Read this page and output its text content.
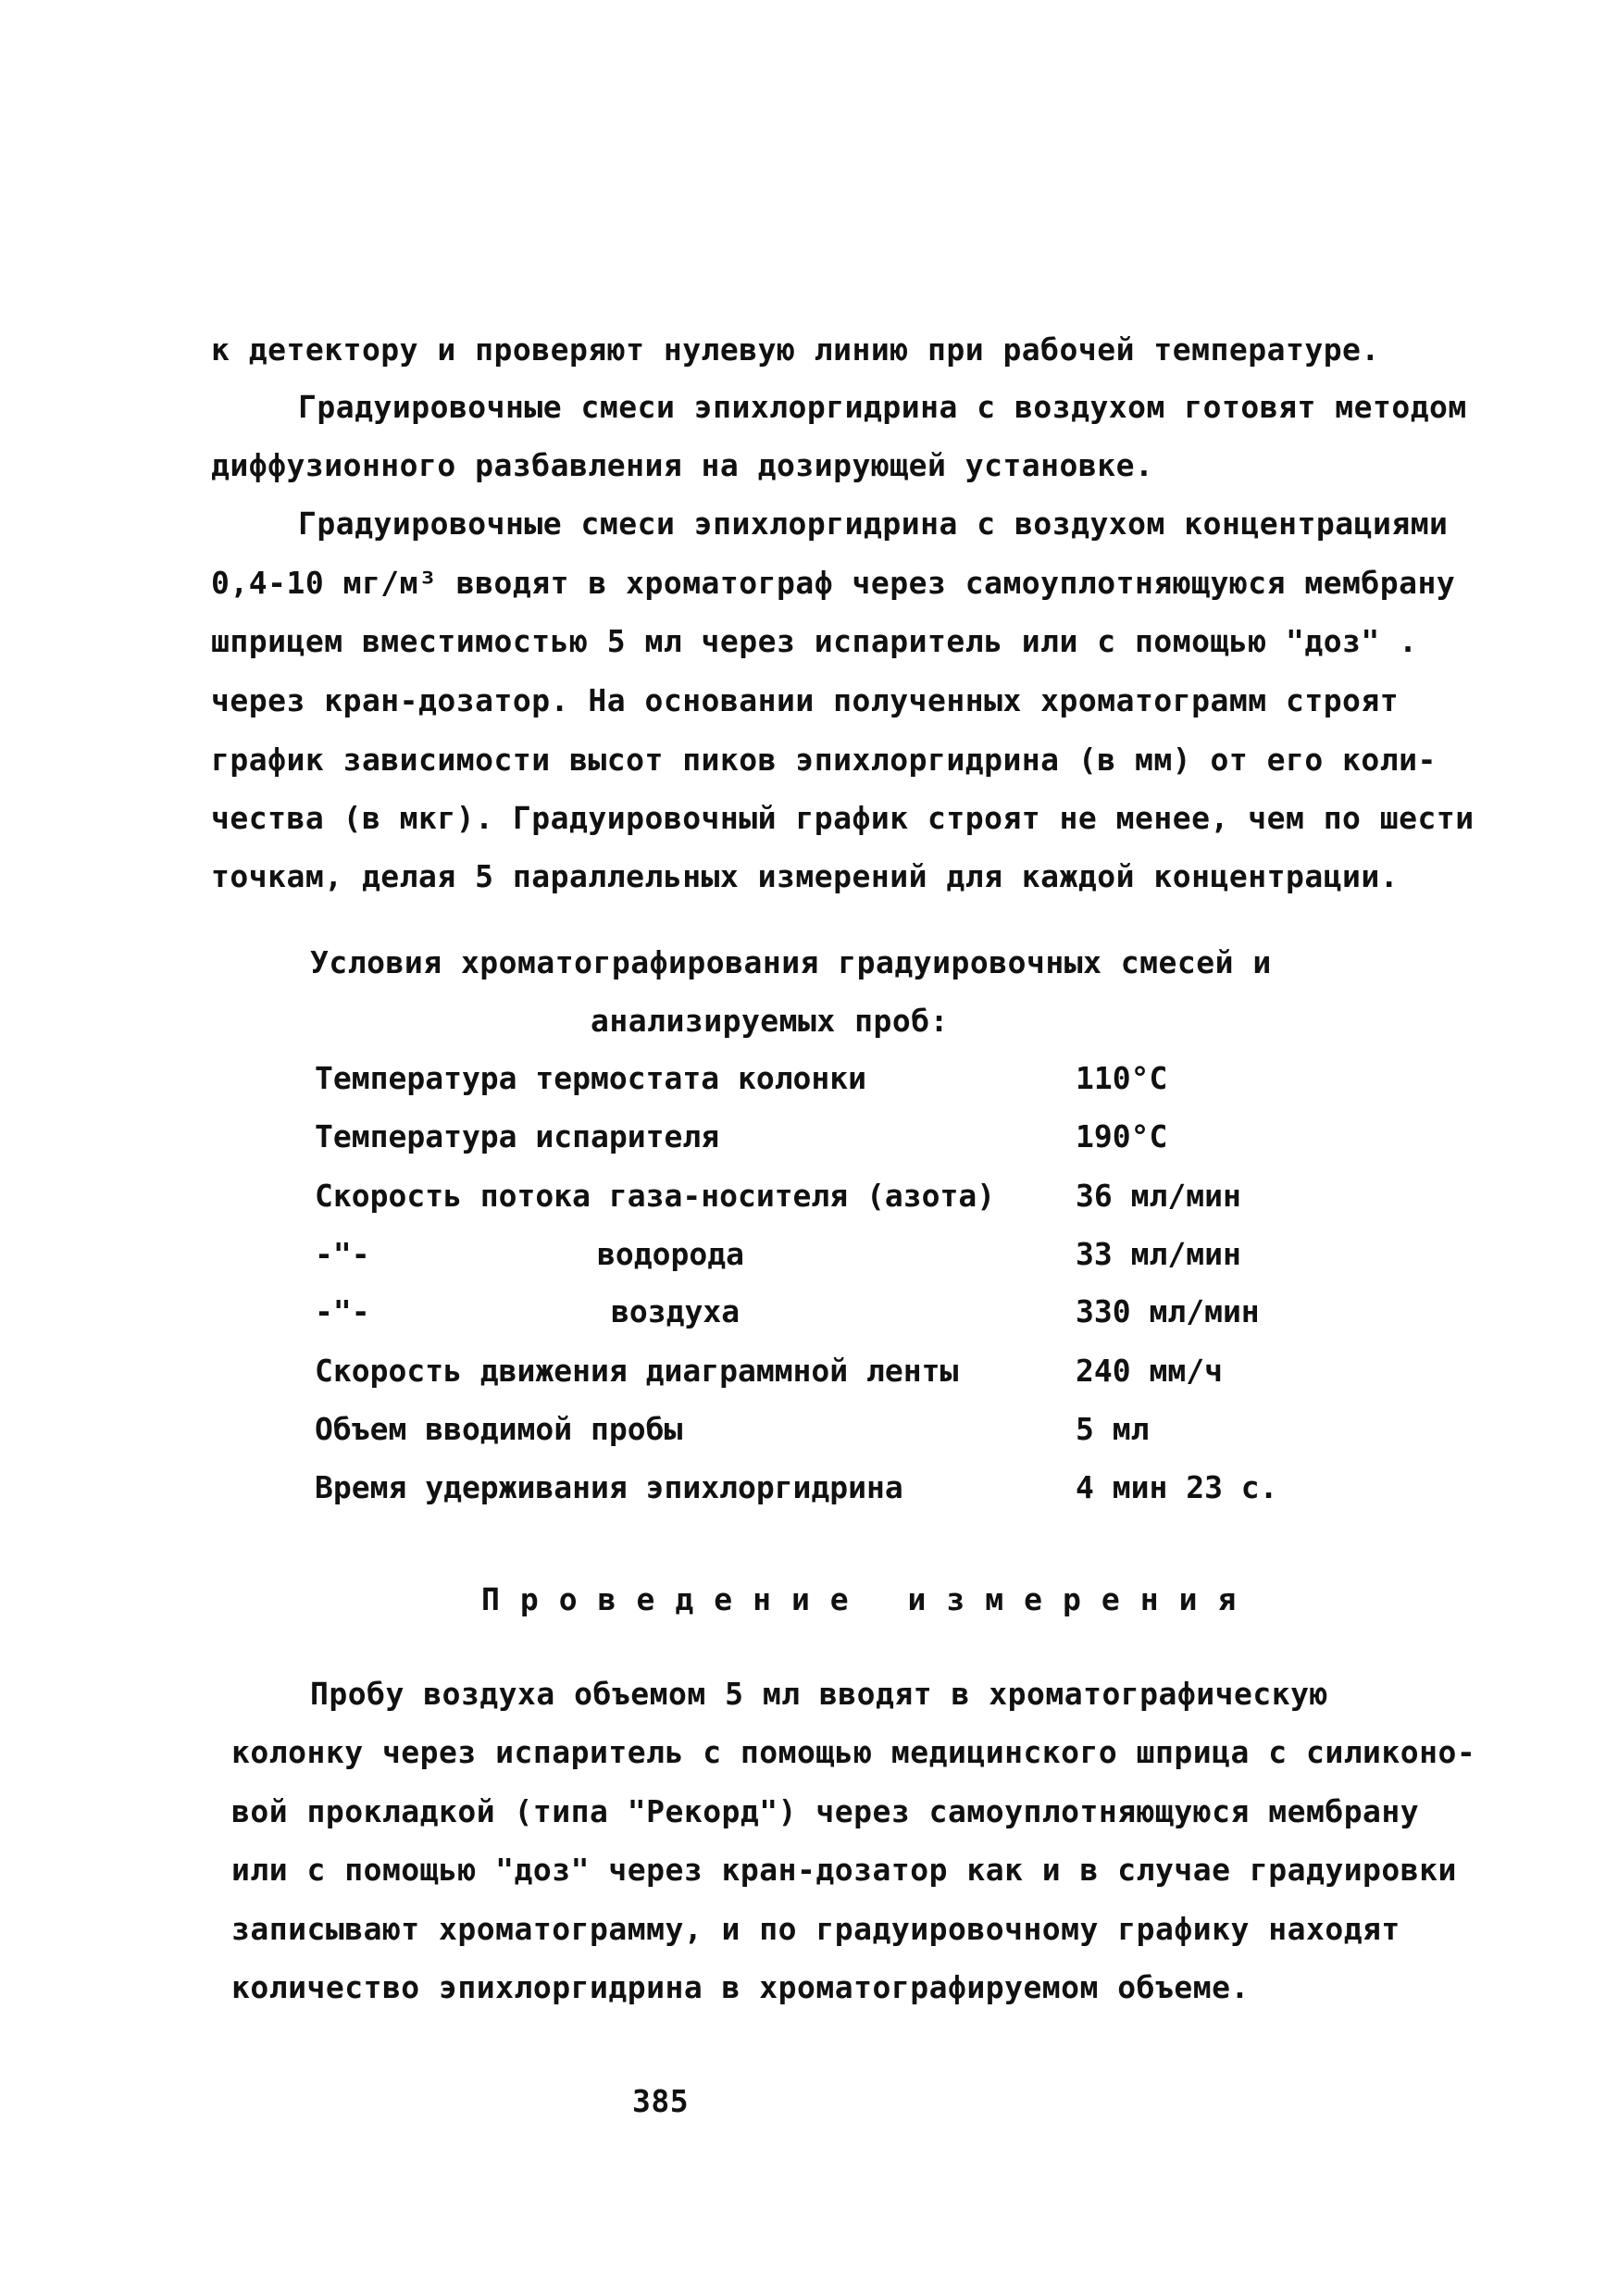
к детектору и проверяют нулевую линию при рабочей температуре.
Градуировочные смеси эпихлоргидрина с воздухом готовят методом
диффузионного разбавления на дозирующей установке.
Градуировочные смеси эпихлоргидрина с воздухом концентрациями
0,4-10 мг/м³ вводят в хроматограф через самоуплотняющуюся мембрану
шприцем вместимостью 5 мл через испаритель или с помощью "доз" .
через кран-дозатор. На основании полученных хроматограмм строят
график зависимости высот пиков эпихлоргидрина (в мм) от его коли-
чества (в мкг). Градуировочный график строят не менее, чем по шести
точкам, делая 5 параллельных измерений для каждой концентрации.
Условия хроматографирования градуировочных смесей и
анализируемых проб:
Температура термостата колонки	110°С
Температура испарителя	190°С
Скорость потока газа-носителя (азота)	36 мл/мин
-"-	водорода	33 мл/мин
-"-	воздуха	330 мл/мин
Скорость движения диаграммной ленты	240 мм/ч
Объем вводимой пробы	5 мл
Время удерживания эпихлоргидрина	4 мин 23 с.
Проведение измерения
Пробу воздуха объемом 5 мл вводят в хроматографическую
колонку через испаритель с помощью медицинского шприца с силиконо-
вой прокладкой (типа "Рекорд") через самоуплотняющуюся мембрану
или с помощью "доз" через кран-дозатор как и в случае градуировки
записывают хроматограмму, и по градуировочному графику находят
количество эпихлоргидрина в хроматографируемом объеме.
385
